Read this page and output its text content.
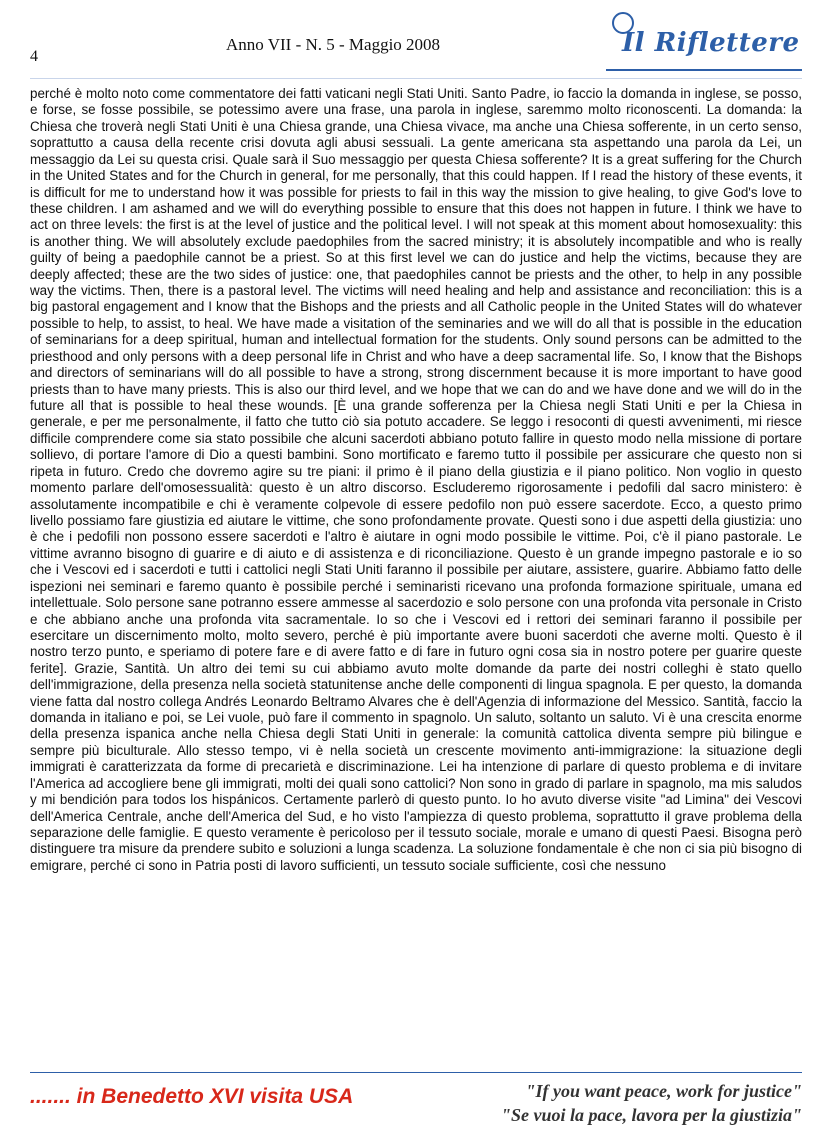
4
Anno VII - N. 5 - Maggio 2008	Il Riflettere
perché è molto noto come commentatore dei fatti vaticani negli Stati Uniti. Santo Padre, io faccio la domanda in inglese, se posso, e forse, se fosse possibile, se potessimo avere una frase, una parola in inglese, saremmo molto riconoscenti. La domanda: la Chiesa che troverà negli Stati Uniti è una Chiesa grande, una Chiesa vivace, ma anche una Chiesa sofferente, in un certo senso, soprattutto a causa della recente crisi dovuta agli abusi sessuali. La gente americana sta aspettando una parola da Lei, un messaggio da Lei su questa crisi. Quale sarà il Suo messaggio per questa Chiesa sofferente? It is a great suffering for the Church in the United States and for the Church in general, for me personally, that this could happen. If I read the history of these events, it is difficult for me to understand how it was possible for priests to fail in this way the mission to give healing, to give God's love to these children. I am ashamed and we will do everything possible to ensure that this does not happen in future. I think we have to act on three levels: the first is at the level of justice and the political level. I will not speak at this moment about homosexuality: this is another thing. We will absolutely exclude paedophiles from the sacred ministry; it is absolutely incompatible and who is really guilty of being a paedophile cannot be a priest. So at this first level we can do justice and help the victims, because they are deeply affected; these are the two sides of justice: one, that paedophiles cannot be priests and the other, to help in any possible way the victims. Then, there is a pastoral level. The victims will need healing and help and assistance and reconciliation: this is a big pastoral engagement and I know that the Bishops and the priests and all Catholic people in the United States will do whatever possible to help, to assist, to heal. We have made a visitation of the seminaries and we will do all that is possible in the education of seminarians for a deep spiritual, human and intellectual formation for the students. Only sound persons can be admitted to the priesthood and only persons with a deep personal life in Christ and who have a deep sacramental life. So, I know that the Bishops and directors of seminarians will do all possible to have a strong, strong discernment because it is more important to have good priests than to have many priests. This is also our third level, and we hope that we can do and we have done and we will do in the future all that is possible to heal these wounds. [È una grande sofferenza per la Chiesa negli Stati Uniti e per la Chiesa in generale, e per me personalmente, il fatto che tutto ciò sia potuto accadere. Se leggo i resoconti di questi avvenimenti, mi riesce difficile comprendere come sia stato possibile che alcuni sacerdoti abbiano potuto fallire in questo modo nella missione di portare sollievo, di portare l'amore di Dio a questi bambini. Sono mortificato e faremo tutto il possibile per assicurare che questo non si ripeta in futuro. Credo che dovremo agire su tre piani: il primo è il piano della giustizia e il piano politico. Non voglio in questo momento parlare dell'omosessualità: questo è un altro discorso. Escluderemo rigorosamente i pedofili dal sacro ministero: è assolutamente incompatibile e chi è veramente colpevole di essere pedofilo non può essere sacerdote. Ecco, a questo primo livello possiamo fare giustizia ed aiutare le vittime, che sono profondamente provate. Questi sono i due aspetti della giustizia: uno è che i pedofili non possono essere sacerdoti e l'altro è aiutare in ogni modo possibile le vittime. Poi, c'è il piano pastorale. Le vittime avranno bisogno di guarire e di aiuto e di assistenza e di riconciliazione. Questo è un grande impegno pastorale e io so che i Vescovi ed i sacerdoti e tutti i cattolici negli Stati Uniti faranno il possibile per aiutare, assistere, guarire. Abbiamo fatto delle ispezioni nei seminari e faremo quanto è possibile perché i seminaristi ricevano una profonda formazione spirituale, umana ed intellettuale. Solo persone sane potranno essere ammesse al sacerdozio e solo persone con una profonda vita personale in Cristo e che abbiano anche una profonda vita sacramentale. Io so che i Vescovi ed i rettori dei seminari faranno il possibile per esercitare un discernimento molto, molto severo, perché è più importante avere buoni sacerdoti che averne molti. Questo è il nostro terzo punto, e speriamo di potere fare e di avere fatto e di fare in futuro ogni cosa sia in nostro potere per guarire queste ferite]. Grazie, Santità. Un altro dei temi su cui abbiamo avuto molte domande da parte dei nostri colleghi è stato quello dell'immigrazione, della presenza nella società statunitense anche delle componenti di lingua spagnola. E per questo, la domanda viene fatta dal nostro collega Andrés Leonardo Beltramo Alvares che è dell'Agenzia di informazione del Messico. Santità, faccio la domanda in italiano e poi, se Lei vuole, può fare il commento in spagnolo. Un saluto, soltanto un saluto. Vi è una crescita enorme della presenza ispanica anche nella Chiesa degli Stati Uniti in generale: la comunità cattolica diventa sempre più bilingue e sempre più biculturale. Allo stesso tempo, vi è nella società un crescente movimento anti-immigrazione: la situazione degli immigrati è caratterizzata da forme di precarietà e discriminazione. Lei ha intenzione di parlare di questo problema e di invitare l'America ad accogliere bene gli immigrati, molti dei quali sono cattolici? Non sono in grado di parlare in spagnolo, ma mis saludos y mi bendición para todos los hispánicos. Certamente parlerò di questo punto. Io ho avuto diverse visite "ad Limina" dei Vescovi dell'America Centrale, anche dell'America del Sud, e ho visto l'ampiezza di questo problema, soprattutto il grave problema della separazione delle famiglie. E questo veramente è pericoloso per il tessuto sociale, morale e umano di questi Paesi. Bisogna però distinguere tra misure da prendere subito e soluzioni a lunga scadenza. La soluzione fondamentale è che non ci sia più bisogno di emigrare, perché ci sono in Patria posti di lavoro sufficienti, un tessuto sociale sufficiente, così che nessuno
....... in Benedetto XVI visita USA	"If you want peace, work for justice"
"Se vuoi la pace, lavora per la giustizia"
